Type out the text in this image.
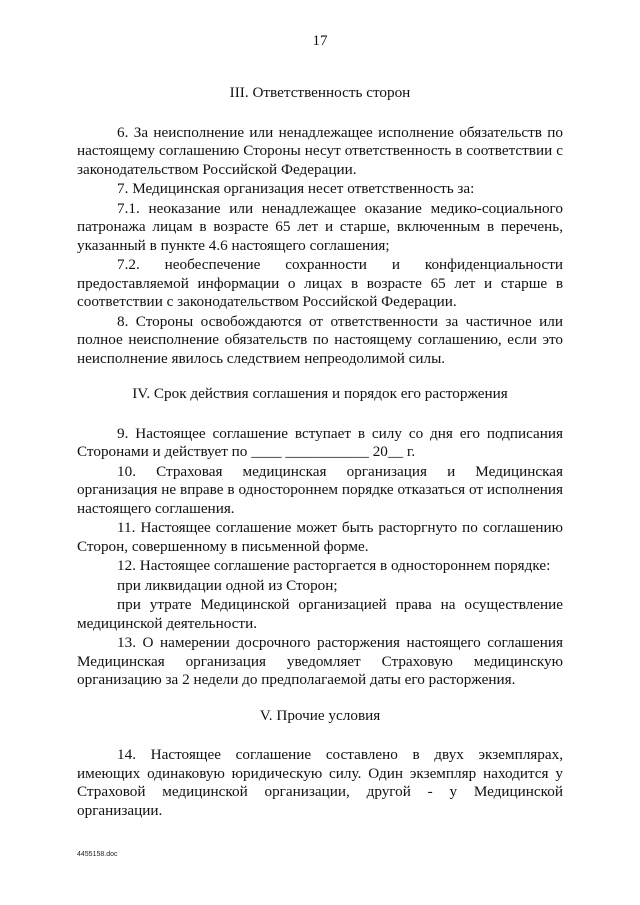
17
III. Ответственность сторон

6. За неисполнение или ненадлежащее исполнение обязательств по настоящему соглашению Стороны несут ответственность в соответствии с законодательством Российской Федерации.

7. Медицинская организация несет ответственность за:

7.1. неоказание или ненадлежащее оказание медико-социального патронажа лицам в возрасте 65 лет и старше, включенным в перечень, указанный в пункте 4.6 настоящего соглашения;

7.2. необеспечение сохранности и конфиденциальности предоставляемой информации о лицах в возрасте 65 лет и старше в соответствии с законодательством Российской Федерации.

8. Стороны освобождаются от ответственности за частичное или полное неисполнение обязательств по настоящему соглашению, если это неисполнение явилось следствием непреодолимой силы.

IV. Срок действия соглашения и порядок его расторжения

9. Настоящее соглашение вступает в силу со дня его подписания Сторонами и действует по ____ ___________ 20__ г.

10. Страховая медицинская организация и Медицинская организация не вправе в одностороннем порядке отказаться от исполнения настоящего соглашения.

11. Настоящее соглашение может быть расторгнуто по соглашению Сторон, совершенному в письменной форме.

12. Настоящее соглашение расторгается в одностороннем порядке:

при ликвидации одной из Сторон;

при утрате Медицинской организацией права на осуществление медицинской деятельности.

13. О намерении досрочного расторжения настоящего соглашения Медицинская организация уведомляет Страховую медицинскую организацию за 2 недели до предполагаемой даты его расторжения.

V. Прочие условия

14. Настоящее соглашение составлено в двух экземплярах, имеющих одинаковую юридическую силу. Один экземпляр находится у Страховой медицинской организации, другой - у Медицинской организации.

4455158.doc
